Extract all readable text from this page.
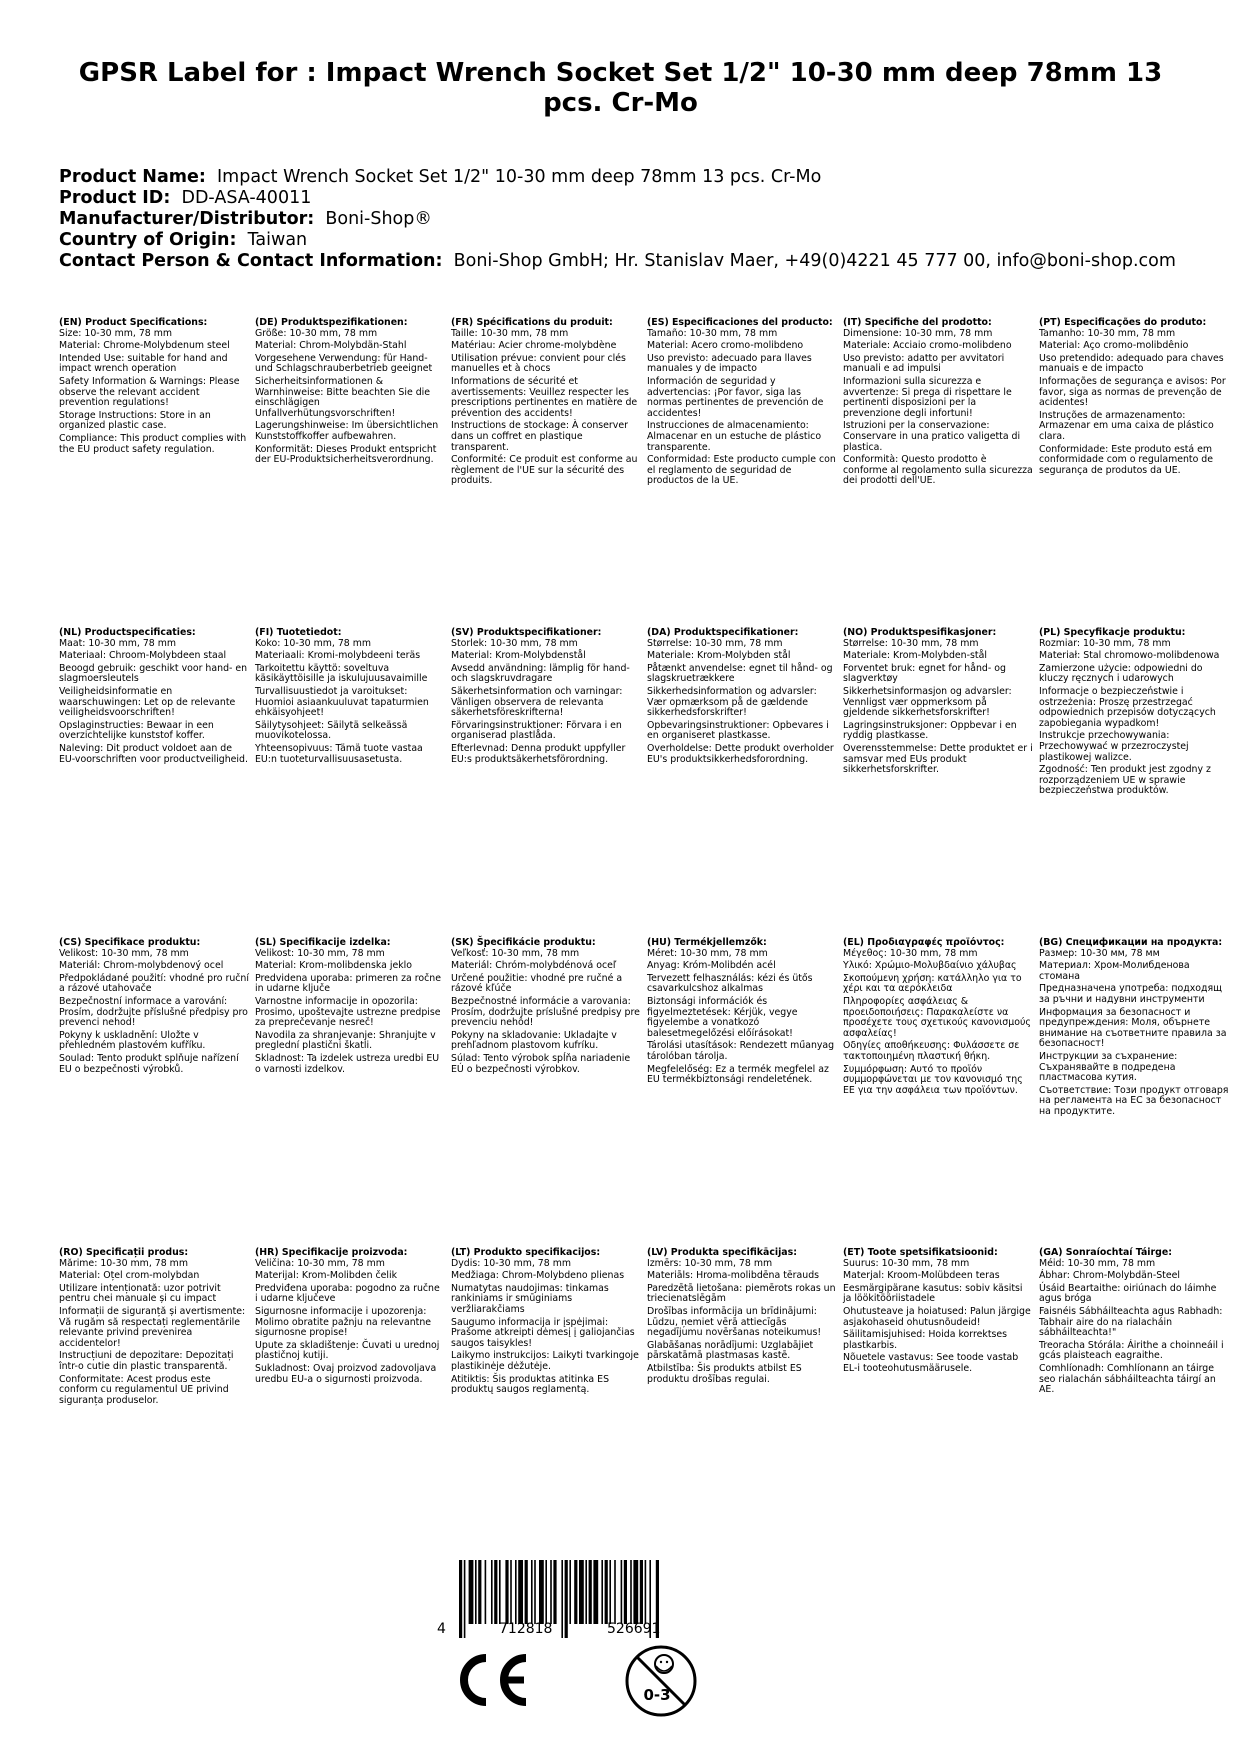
GPSR Label for : Impact Wrench Socket Set 1/2" 10-30 mm deep 78mm 13 pcs. Cr-Mo
Product Name: Impact Wrench Socket Set 1/2" 10-30 mm deep 78mm 13 pcs. Cr-Mo
Product ID: DD-ASA-40011
Manufacturer/Distributor: Boni-Shop®
Country of Origin: Taiwan
Contact Person & Contact Information: Boni-Shop GmbH; Hr. Stanislav Maer, +49(0)4221 45 777 00, info@boni-shop.com
(EN) Product Specifications:
Size: 10-30 mm, 78 mm
Material: Chrome-Molybdenum steel
Intended Use: suitable for hand and impact wrench operation
Safety Information & Warnings: Please observe the relevant accident prevention regulations!
Storage Instructions: Store in an organized plastic case.
Compliance: This product complies with the EU product safety regulation.
(DE) Produktspezifikationen:
Größe: 10-30 mm, 78 mm
Material: Chrom-Molybdän-Stahl
Vorgesehene Verwendung: für Hand- und Schlagschrauberbetrieb geeignet
Sicherheitsinformationen & Warnhinweise: Bitte beachten Sie die einschlägigen Unfallverhütungsvorschriften!
Lagerungshinweise: Im übersichtlichen Kunststoffkoffer aufbewahren.
Konformität: Dieses Produkt entspricht der EU-Produktsicherheitsverordnung.
(FR) Spécifications du produit:
Taille: 10-30 mm, 78 mm
Matériau: Acier chrome-molybdène
Utilisation prévue: convient pour clés manuelles et à chocs
Informations de sécurité et avertissements: Veuillez respecter les prescriptions pertinentes en matière de prévention des accidents!
Instructions de stockage: À conserver dans un coffret en plastique transparent.
Conformité: Ce produit est conforme au règlement de l'UE sur la sécurité des produits.
(ES) Especificaciones del producto:
Tamaño: 10-30 mm, 78 mm
Material: Acero cromo-molibdeno
Uso previsto: adecuado para llaves manuales y de impacto
Información de seguridad y advertencias: ¡Por favor, siga las normas pertinentes de prevención de accidentes!
Instrucciones de almacenamiento: Almacenar en un estuche de plástico transparente.
Conformidad: Este producto cumple con el reglamento de seguridad de productos de la UE.
(IT) Specifiche del prodotto:
Dimensione: 10-30 mm, 78 mm
Materiale: Acciaio cromo-molibdeno
Uso previsto: adatto per avvitatori manuali e ad impulsi
Informazioni sulla sicurezza e avvertenze: Si prega di rispettare le pertinenti disposizioni per la prevenzione degli infortuni!
Istruzioni per la conservazione: Conservare in una pratico valigetta di plastica.
Conformità: Questo prodotto è conforme al regolamento sulla sicurezza dei prodotti dell'UE.
(PT) Especificações do produto:
Tamanho: 10-30 mm, 78 mm
Material: Aço cromo-molibdênio
Uso pretendido: adequado para chaves manuais e de impacto
Informações de segurança e avisos: Por favor, siga as normas de prevenção de acidentes!
Instruções de armazenamento: Armazenar em uma caixa de plástico clara.
Conformidade: Este produto está em conformidade com o regulamento de segurança de produtos da UE.
(NL) Productspecificaties:
Maat: 10-30 mm, 78 mm
Materiaal: Chroom-Molybdeen staal
Beoogd gebruik: geschikt voor hand- en slagmoersleutels
Veiligheidsinformatie en waarschuwingen: Let op de relevante veiligheidsvoorschriften!
Opslaginstructies: Bewaar in een overzichtelijke kunststof koffer.
Naleving: Dit product voldoet aan de EU-voorschriften voor productveiligheid.
(FI) Tuotetiedot:
Koko: 10-30 mm, 78 mm
Materiaali: Kromi-molybdeeni teräs
Tarkoitettu käyttö: soveltuva käsikäyttöisille ja iskulujuusavaimille
Turvallisuustiedot ja varoitukset: Huomioi asiaankuuluvat tapaturmien ehkäisyohjeet!
Säilytysohjeet: Säilytä selkeässä muovikotelossa.
Yhteensopivuus: Tämä tuote vastaa EU:n tuoteturvallisuusasetusta.
(SV) Produktspecifikationer:
Storlek: 10-30 mm, 78 mm
Material: Krom-Molybdenstål
Avsedd användning: lämplig för hand- och slagskruvdragare
Säkerhetsinformation och varningar: Vänligen observera de relevanta säkerhetsföreskrifterna!
Förvaringsinstruktioner: Förvara i en organiserad plastlåda.
Efterlevnad: Denna produkt uppfyller EU:s produktsäkerhetsförordning.
(DA) Produktspecifikationer:
Størrelse: 10-30 mm, 78 mm
Materiale: Krom-Molybden stål
Påtænkt anvendelse: egnet til hånd- og slagskruetrækkere
Sikkerhedsinformation og advarsler: Vær opmærksom på de gældende sikkerhedsforskrifter!
Opbevaringsinstruktioner: Opbevares i en organiseret plastkasse.
Overholdelse: Dette produkt overholder EU's produktsikkerhedsforordning.
(NO) Produktspesifikasjoner:
Størrelse: 10-30 mm, 78 mm
Materiale: Krom-Molybden-stål
Forventet bruk: egnet for hånd- og slagverktøy
Sikkerhetsinformasjon og advarsler: Vennligst vær oppmerksom på gjeldende sikkerhetsforskrifter!
Lagringsinstruksjoner: Oppbevar i en ryddig plastkasse.
Overensstemmelse: Dette produktet er i samsvar med EUs produkt sikkerhetsforskrifter.
(PL) Specyfikacje produktu:
Rozmiar: 10-30 mm, 78 mm
Materiał: Stal chromowo-molibdenowa
Zamierzone użycie: odpowiedni do kluczy ręcznych i udarowych
Informacje o bezpieczeństwie i ostrzeżenia: Proszę przestrzegać odpowiednich przepisów dotyczących zapobiegania wypadkom!
Instrukcje przechowywania: Przechowywać w przezroczystej plastikowej walizce.
Zgodność: Ten produkt jest zgodny z rozporządzeniem UE w sprawie bezpieczeństwa produktów.
(CS) Specifikace produktu:
Velikost: 10-30 mm, 78 mm
Materiál: Chrom-molybdenový ocel
Předpokládané použití: vhodné pro ruční a rázové utahovače
Bezpečnostní informace a varování: Prosím, dodržujte příslušné předpisy pro prevenci nehod!
Pokyny k uskladnění: Uložte v přehledném plastovém kufříku.
Soulad: Tento produkt splňuje nařízení EU o bezpečnosti výrobků.
(SL) Specifikacije izdelka:
Velikost: 10-30 mm, 78 mm
Material: Krom-molibdenska jeklo
Predvidena uporaba: primeren za ročne in udarne ključe
Varnostne informacije in opozorila: Prosimo, upoštevajte ustrezne predpise za preprečevanje nesreč!
Navodila za shranjevanje: Shranjujte v preglední plastični škatli.
Skladnost: Ta izdelek ustreza uredbi EU o varnosti izdelkov.
(SK) Špecifikácie produktu:
Veľkosť: 10-30 mm, 78 mm
Materiál: Chróm-molybdénová oceľ
Určené použitie: vhodné pre ručné a rázové kľúče
Bezpečnostné informácie a varovania: Prosím, dodržujte príslušné predpisy pre prevenciu nehôd!
Pokyny na skladovanie: Ukladajte v prehľadnom plastovom kufríku.
Súlad: Tento výrobok spĺňa nariadenie EÚ o bezpečnosti výrobkov.
(HU) Termékjellemzők:
Méret: 10-30 mm, 78 mm
Anyag: Króm-Molibdén acél
Tervezett felhasználás: kézi és ütős csavarkulcshoz alkalmas
Biztonsági információk és figyelmeztetések: Kérjük, vegye figyelembe a vonatkozó balesetmegelőzési előírásokat!
Tárolási utasítások: Rendezett műanyag tárolóban tárolja.
Megfelelőség: Ez a termék megfelel az EU termékbiztonsági rendeletének.
(EL) Προδιαγραφές προϊόντος:
Μέγεθος: 10-30 mm, 78 mm
Υλικό: Χρώμιο-Μολυβδαίνιο χάλυβας
Σκοπούμενη χρήση: κατάλληλο για το χέρι και τα αερόκλειδα
Πληροφορίες ασφάλειας & προειδοποιήσεις: Παρακαλείστε να προσέχετε τους σχετικούς κανονισμούς ασφαλείας!
Οδηγίες αποθήκευσης: Φυλάσσετε σε τακτοποιημένη πλαστική θήκη.
Συμμόρφωση: Αυτό το προϊόν συμμορφώνεται με τον κανονισμό της ΕΕ για την ασφάλεια των προϊόντων.
(BG) Спецификации на продукта:
Размер: 10-30 мм, 78 мм
Материал: Хром-Молибденова стомана
Предназначена употреба: подходящ за ръчни и надувни инструменти
Информация за безопасност и предупреждения: Моля, обърнете внимание на съответните правила за безопасност!
Инструкции за съхранение: Съхранявайте в подредена пластмасова кутия.
Съответствие: Този продукт отговаря на регламента на ЕС за безопасност на продуктите.
(RO) Specificații produs:
Mărime: 10-30 mm, 78 mm
Material: Oțel crom-molybdan
Utilizare intenționată: uzor potrivit pentru chei manuale și cu impact
Informații de siguranță și avertismente: Vă rugăm să respectați reglementările relevante privind prevenirea accidentelor!
Instrucțiuni de depozitare: Depozitați într-o cutie din plastic transparentă.
Conformitate: Acest produs este conform cu regulamentul UE privind siguranța produselor.
(HR) Specifikacije proizvoda:
Veličina: 10-30 mm, 78 mm
Materijal: Krom-Molibden čelik
Predviđena uporaba: pogodno za ručne i udarne ključeve
Sigurnosne informacije i upozorenja: Molimo obratite pažnju na relevantne sigurnosne propise!
Upute za skladištenje: Čuvati u urednoj plastičnoj kutiji.
Sukladnost: Ovaj proizvod zadovoljava uredbu EU-a o sigurnosti proizvoda.
(LT) Produkto specifikacijos:
Dydis: 10-30 mm, 78 mm
Medžiaga: Chrom-Molybdeno plienas
Numatytas naudojimas: tinkamas rankiniams ir smūginiams veržliarakčiams
Saugumo informacija ir įspėjimai: Prašome atkreipti dėmesį į galiojančias saugos taisykles!
Laikymo instrukcijos: Laikyti tvarkingoje plastikinėje dėžutėje.
Atitiktis: Šis produktas atitinka ES produktų saugos reglamentą.
(LV) Produkta specifikācijas:
Izmērs: 10-30 mm, 78 mm
Materiāls: Hroma-molibdēna tērauds
Paredzētā lietošana: piemērots rokas un triecienatslēgām
Drošības informācija un brīdinājumi: Lūdzu, ņemiet vērā attiecīgās negadījumu novēršanas noteikumus!
Glabāšanas norādījumi: Uzglabājiet pārskatāmā plastmasas kastē.
Atbilstība: Šis produkts atbilst ES produktu drošības regulai.
(ET) Toote spetsifikatsioonid:
Suurus: 10-30 mm, 78 mm
Materjal: Kroom-Molübdeen teras
Eesmärgipärane kasutus: sobiv käsitsi ja löökitööriistadele
Ohutusteave ja hoiatused: Palun järgige asjakohaseid ohutusnõudeid!
Säilitamisjuhised: Hoida korrektses plastkarbis.
Nõuetele vastavus: See toode vastab EL-i tooteohutusmäärusele.
(GA) Sonraíochtaí Táirge:
Méid: 10-30 mm, 78 mm
Ábhar: Chrom-Molybdän-Steel
Úsáid Beartaithe: oiriúnach do láimhe agus bróga
Faisnéis Sábháilteachta agus Rabhadh: Tabhair aire do na rialacháin sábháilteachta!"
Treoracha Stórála: Áirithe a choinneáil i gcás plaisteach eagraithe.
Comhlíonadh: Comhlíonann an táirge seo rialachán sábháilteachta táirgí an AE.
4	712818	526691
0-3
